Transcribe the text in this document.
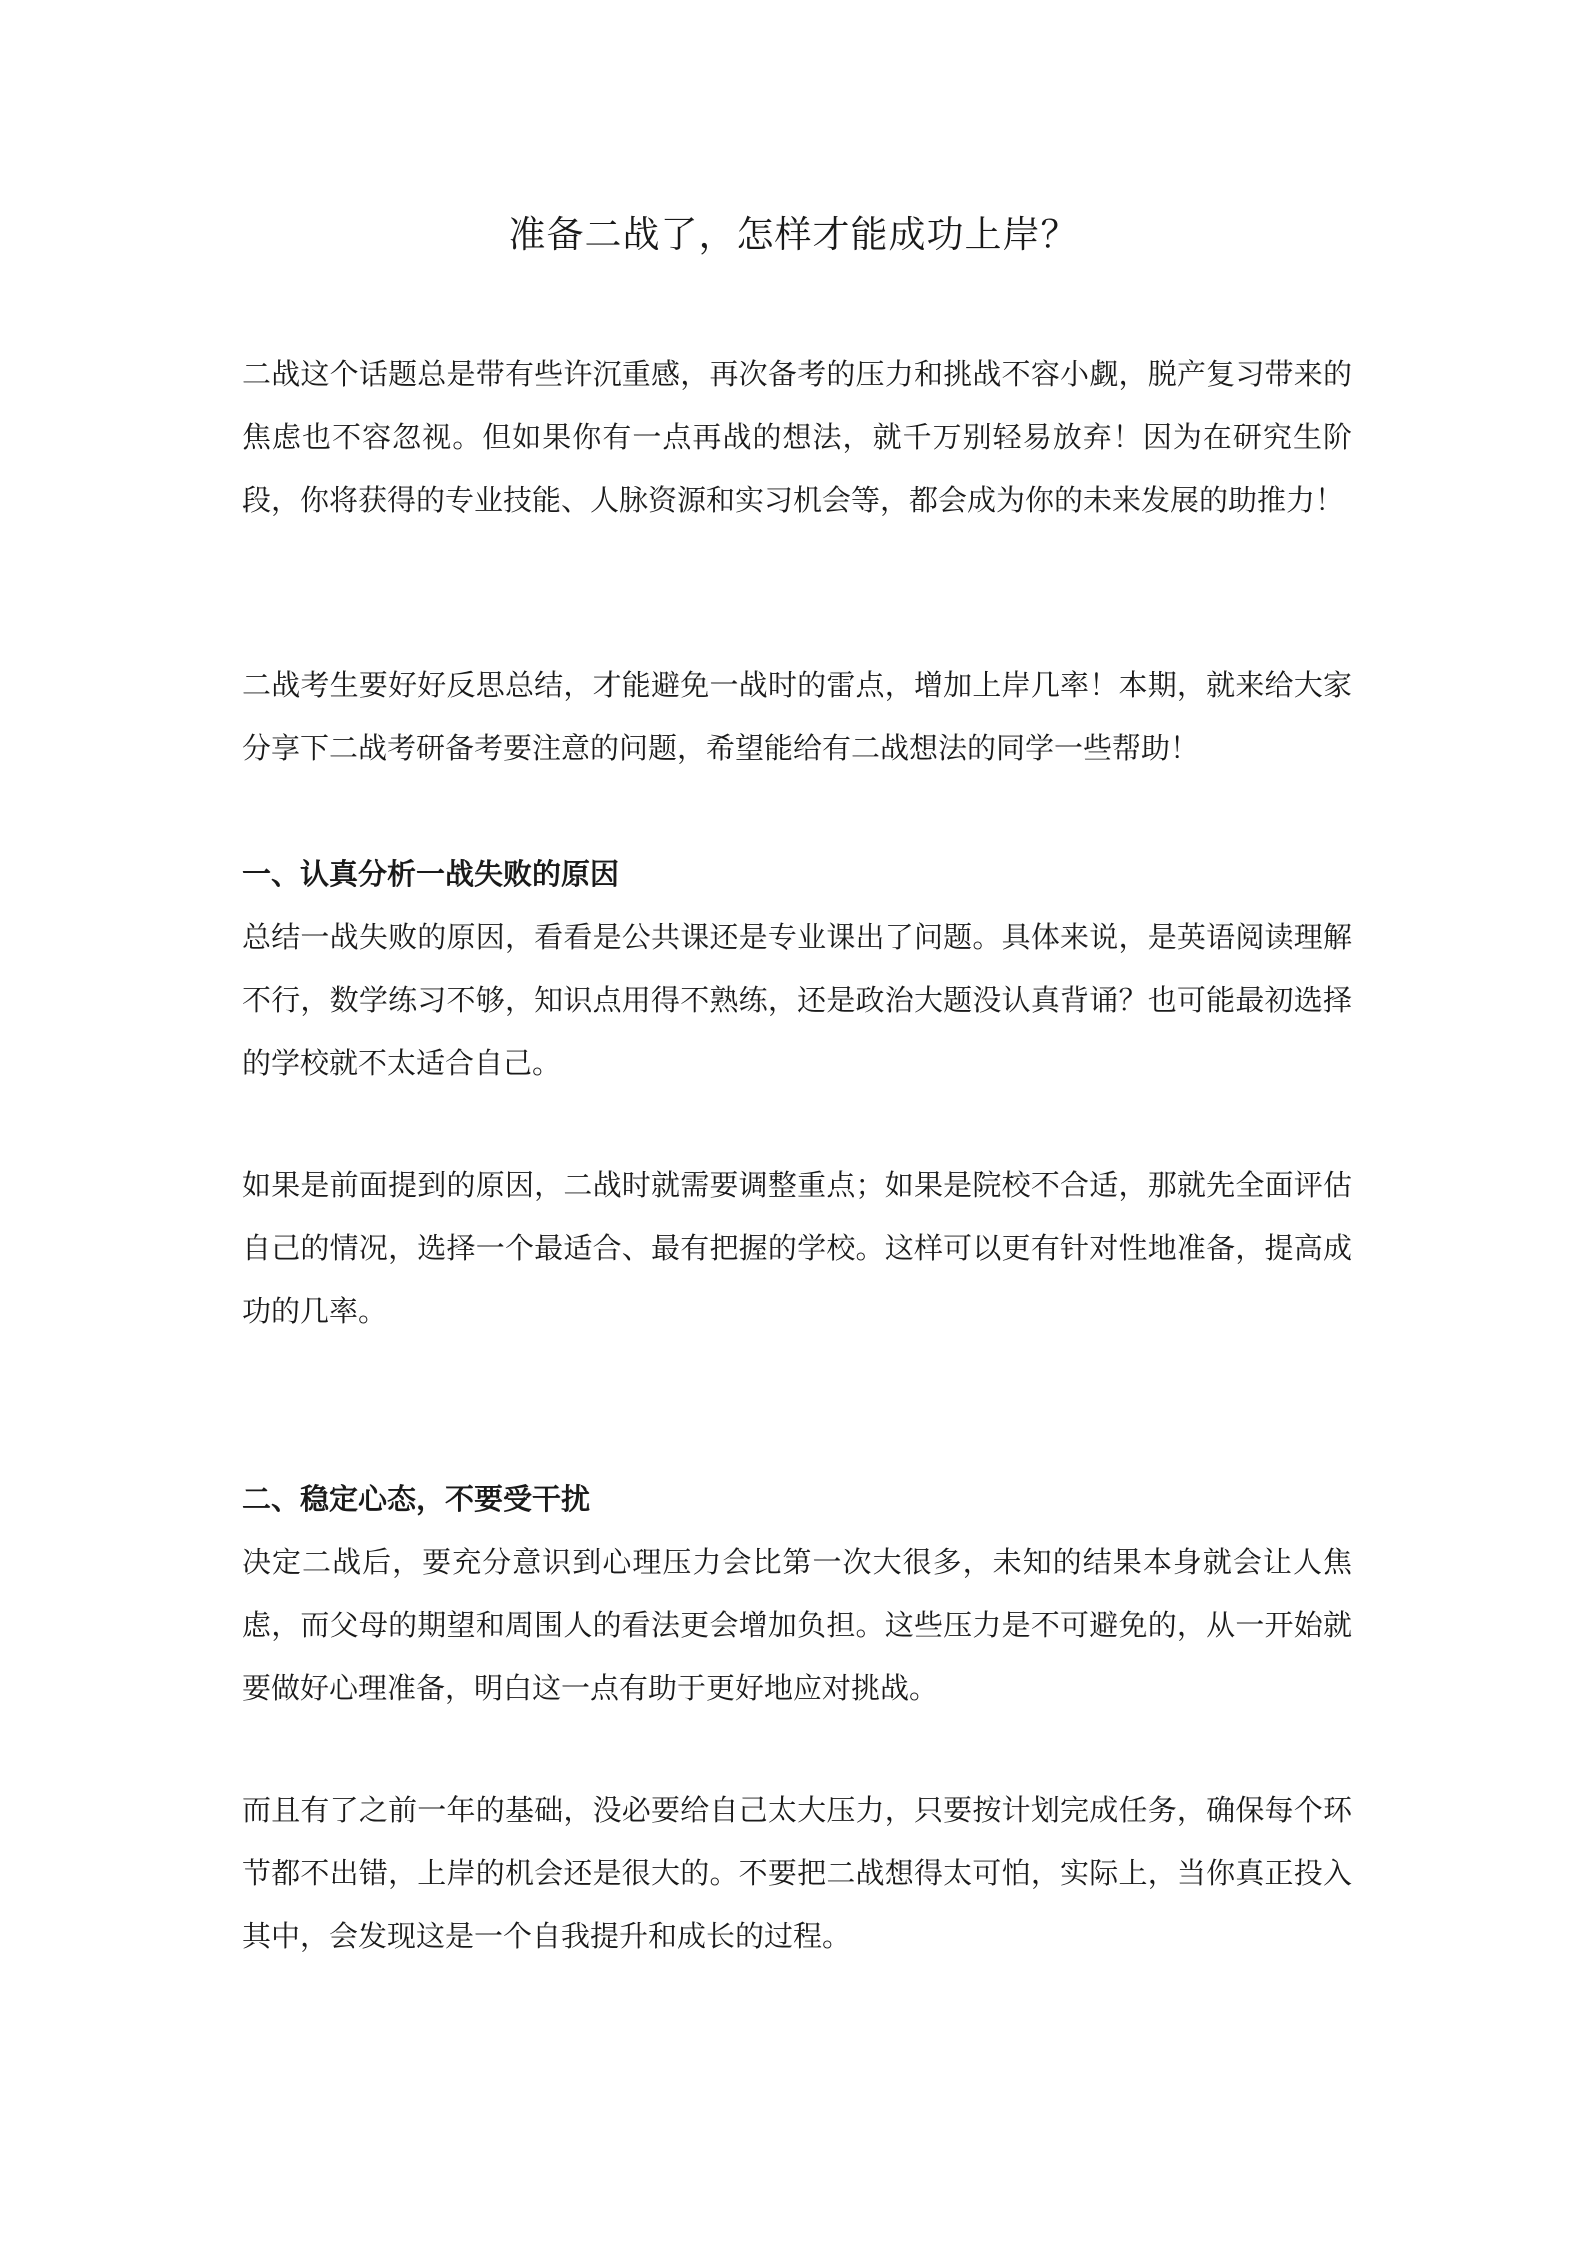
准备二战了，怎样才能成功上岸？

二战这个话题总是带有些许沉重感，再次备考的压力和挑战不容小觑，脱产复习带来的焦虑也不容忽视。但如果你有一点再战的想法，就千万别轻易放弃！因为在研究生阶段，你将获得的专业技能、人脉资源和实习机会等，都会成为你的未来发展的助推力！

二战考生要好好反思总结，才能避免一战时的雷点，增加上岸几率！本期，就来给大家分享下二战考研备考要注意的问题，希望能给有二战想法的同学一些帮助！

一、认真分析一战失败的原因

总结一战失败的原因，看看是公共课还是专业课出了问题。具体来说，是英语阅读理解不行，数学练习不够，知识点用得不熟练，还是政治大题没认真背诵？也可能最初选择的学校就不太适合自己。

如果是前面提到的原因，二战时就需要调整重点；如果是院校不合适，那就先全面评估自己的情况，选择一个最适合、最有把握的学校。这样可以更有针对性地准备，提高成功的几率。

二、稳定心态，不要受干扰

决定二战后，要充分意识到心理压力会比第一次大很多，未知的结果本身就会让人焦虑，而父母的期望和周围人的看法更会增加负担。这些压力是不可避免的，从一开始就要做好心理准备，明白这一点有助于更好地应对挑战。

而且有了之前一年的基础，没必要给自己太大压力，只要按计划完成任务，确保每个环节都不出错，上岸的机会还是很大的。不要把二战想得太可怕，实际上，当你真正投入其中，会发现这是一个自我提升和成长的过程。
